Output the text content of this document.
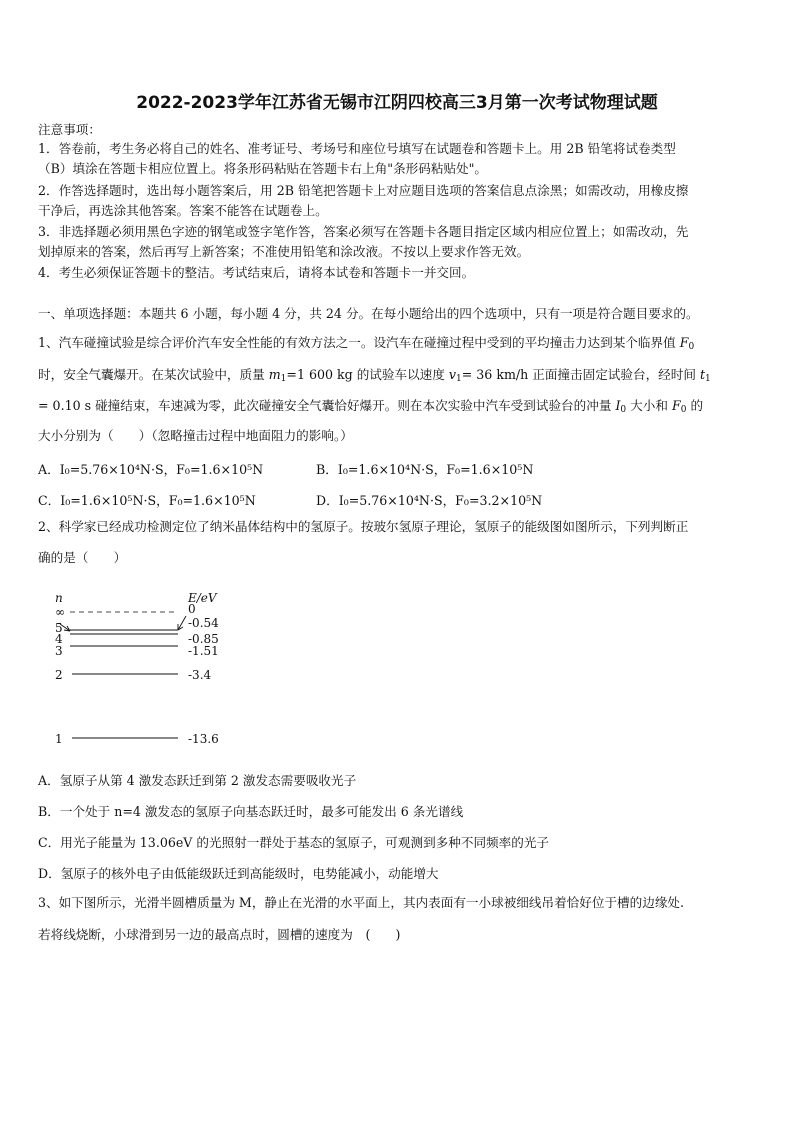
2022-2023学年江苏省无锡市江阴四校高三3月第一次考试物理试题
注意事项：
1．答卷前，考生务必将自己的姓名、准考证号、考场号和座位号填写在试题卷和答题卡上。用 2B 铅笔将试卷类型
（B）填涂在答题卡相应位置上。将条形码粘贴在答题卡右上角"条形码粘贴处"。
2．作答选择题时，选出每小题答案后，用 2B 铅笔把答题卡上对应题目选项的答案信息点涂黑；如需改动，用橡皮擦
干净后，再选涂其他答案。答案不能答在试题卷上。
3．非选择题必须用黑色字迹的钢笔或签字笔作答，答案必须写在答题卡各题目指定区域内相应位置上；如需改动，先
划掉原来的答案，然后再写上新答案；不准使用铅笔和涂改液。不按以上要求作答无效。
4．考生必须保证答题卡的整洁。考试结束后，请将本试卷和答题卡一并交回。
一、单项选择题：本题共 6 小题，每小题 4 分，共 24 分。在每小题给出的四个选项中，只有一项是符合题目要求的。
1、汽车碰撞试验是综合评价汽车安全性能的有效方法之一。设汽车在碰撞过程中受到的平均撞击力达到某个临界值 $F_0$
时，安全气囊爆开。在某次试验中，质量 $m_1=1$ 600 kg 的试验车以速度 $v_1= 36$ km/h 正面撞击固定试验台，经时间 $t_1$
= 0.10 s 碰撞结束，车速减为零，此次碰撞安全气囊恰好爆开。则在本次实验中汽车受到试验台的冲量 $I_0$ 大小和 $F_0$ 的
大小分别为（　　）（忽略撞击过程中地面阻力的影响。）
A．I₀=5.76×10⁴N·S，F₀=1.6×10⁵N	B．I₀=1.6×10⁴N·S，F₀=1.6×10⁵N
C．I₀=1.6×10⁵N·S，F₀=1.6×10⁵N	D．I₀=5.76×10⁴N·S，F₀=3.2×10⁵N
2、科学家已经成功检测定位了纳米晶体结构中的氢原子。按玻尔氢原子理论，氢原子的能级图如图所示，下列判断正
确的是（　　）
n	E/eV
∞	0
5	-0.54
4	-0.85
3	-1.51
2	-3.4
1	-13.6
A．氢原子从第 4 激发态跃迁到第 2 激发态需要吸收光子
B．一个处于 n=4 激发态的氢原子向基态跃迁时，最多可能发出 6 条光谱线
C．用光子能量为 13.06eV 的光照射一群处于基态的氢原子，可观测到多种不同频率的光子
D．氢原子的核外电子由低能级跃迁到高能级时，电势能减小，动能增大
3、如下图所示，光滑半圆槽质量为 M，静止在光滑的水平面上，其内表面有一小球被细线吊着恰好位于槽的边缘处.
若将线烧断，小球滑到另一边的最高点时，圆槽的速度为　(　　)
